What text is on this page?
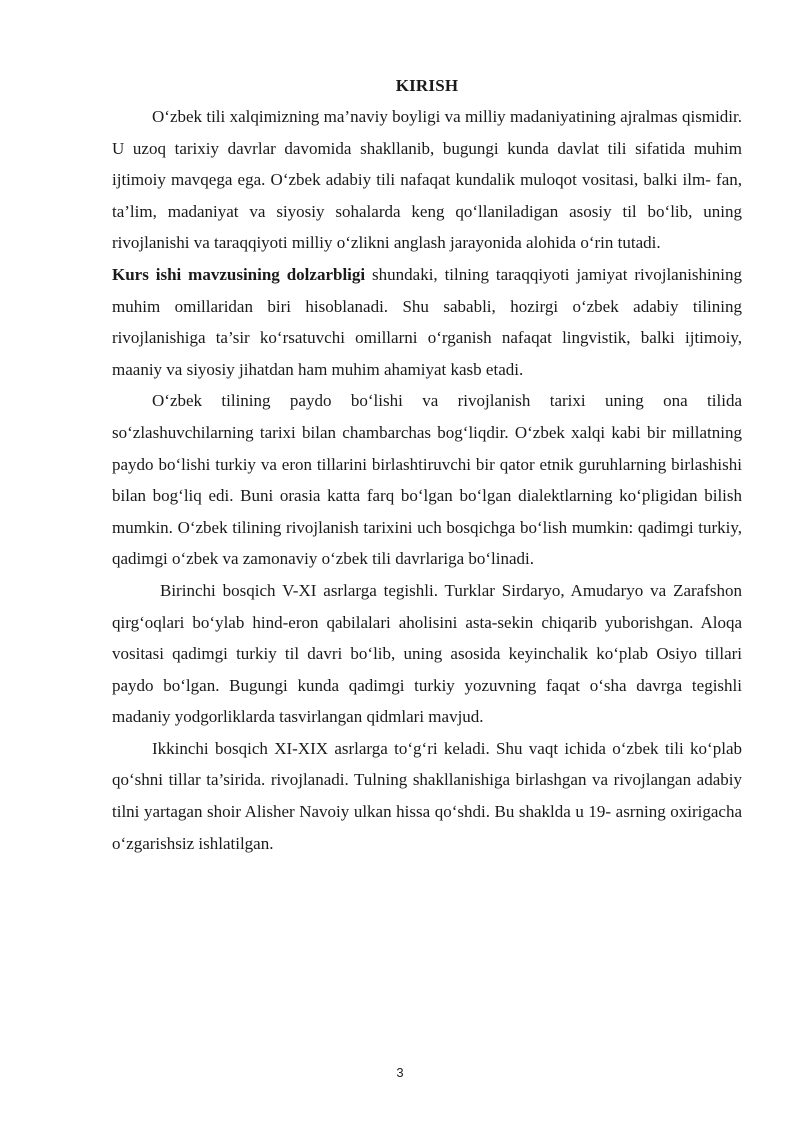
KIRISH

O‘zbek tili xalqimizning ma’naviy boyligi va milliy madaniyatining ajralmas qismidir. U uzoq tarixiy davrlar davomida shakllanib, bugungi kunda davlat tili sifatida muhim ijtimoiy mavqega ega. O‘zbek adabiy tili nafaqat kundalik muloqot vositasi, balki ilm- fan, ta’lim, madaniyat va siyosiy sohalarda keng qo‘llaniladigan asosiy til bo‘lib, uning rivojlanishi va taraqqiyoti milliy o‘zlikni anglash jarayonida alohida o‘rin tutadi.

Kurs ishi mavzusining dolzarbligi shundaki, tilning taraqqiyoti jamiyat rivojlanishining muhim omillaridan biri hisoblanadi. Shu sababli, hozirgi o‘zbek adabiy tilining rivojlanishiga ta’sir ko‘rsatuvchi omillarni o‘rganish nafaqat lingvistik, balki ijtimoiy, maaniy va siyosiy jihatdan ham muhim ahamiyat kasb etadi.

O‘zbek tilining paydo bo‘lishi va rivojlanish tarixi uning ona tilida so‘zlashuvchilarning tarixi bilan chambarchas bog‘liqdir. O‘zbek xalqi kabi bir millatning paydo bo‘lishi turkiy va eron tillarini birlashtiruvchi bir qator etnik guruhlarning birlashishi bilan bog‘liq edi. Buni orasia katta farq bo‘lgan bo‘lgan dialektlarning ko‘pligidan bilish mumkin. O‘zbek tilining rivojlanish tarixini uch bosqichga bo‘lish mumkin: qadimgi turkiy, qadimgi o‘zbek va zamonaviy o‘zbek tili davrlariga bo‘linadi.

Birinchi bosqich V-XI asrlarga tegishli. Turklar Sirdaryo, Amudaryo va Zarafshon qirg‘oqlari bo‘ylab hind-eron qabilalari aholisini asta-sekin chiqarib yuborishgan. Aloqa vositasi qadimgi turkiy til davri bo‘lib, uning asosida keyinchalik ko‘plab Osiyo tillari paydo bo‘lgan. Bugungi kunda qadimgi turkiy yozuvning faqat o‘sha davrga tegishli madaniy yodgorliklarda tasvirlangan qidmlari mavjud.

Ikkinchi bosqich XI-XIX asrlarga to‘g‘ri keladi. Shu vaqt ichida o‘zbek tili ko‘plab qo‘shni tillar ta’sirida. rivojlanadi. Tulning shakllanishiga birlashgan va rivojlangan adabiy tilni yartagan shoir Alisher Navoiy ulkan hissa qo‘shdi. Bu shaklda u 19- asrning oxirigacha o‘zgarishsiz ishlatilgan.

3
